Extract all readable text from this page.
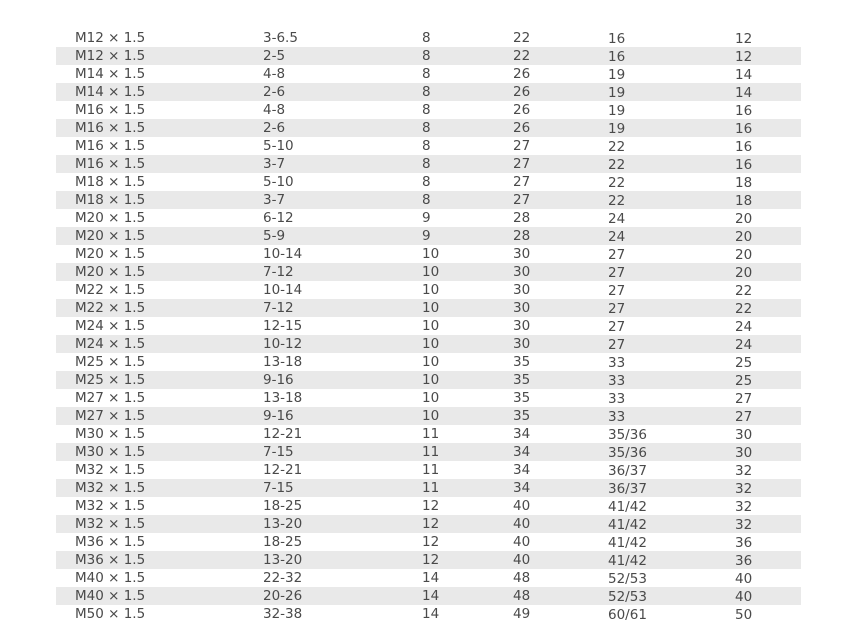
M12 × 1.5	3-6.5	8	22	16	12
M12 × 1.5	2-5	8	22	16	12
M14 × 1.5	4-8	8	26	19	14
M14 × 1.5	2-6	8	26	19	14
M16 × 1.5	4-8	8	26	19	16
M16 × 1.5	2-6	8	26	19	16
M16 × 1.5	5-10	8	27	22	16
M16 × 1.5	3-7	8	27	22	16
M18 × 1.5	5-10	8	27	22	18
M18 × 1.5	3-7	8	27	22	18
M20 × 1.5	6-12	9	28	24	20
M20 × 1.5	5-9	9	28	24	20
M20 × 1.5	10-14	10	30	27	20
M20 × 1.5	7-12	10	30	27	20
M22 × 1.5	10-14	10	30	27	22
M22 × 1.5	7-12	10	30	27	22
M24 × 1.5	12-15	10	30	27	24
M24 × 1.5	10-12	10	30	27	24
M25 × 1.5	13-18	10	35	33	25
M25 × 1.5	9-16	10	35	33	25
M27 × 1.5	13-18	10	35	33	27
M27 × 1.5	9-16	10	35	33	27
M30 × 1.5	12-21	11	34	35/36	30
M30 × 1.5	7-15	11	34	35/36	30
M32 × 1.5	12-21	11	34	36/37	32
M32 × 1.5	7-15	11	34	36/37	32
M32 × 1.5	18-25	12	40	41/42	32
M32 × 1.5	13-20	12	40	41/42	32
M36 × 1.5	18-25	12	40	41/42	36
M36 × 1.5	13-20	12	40	41/42	36
M40 × 1.5	22-32	14	48	52/53	40
M40 × 1.5	20-26	14	48	52/53	40
M50 × 1.5	32-38	14	49	60/61	50
